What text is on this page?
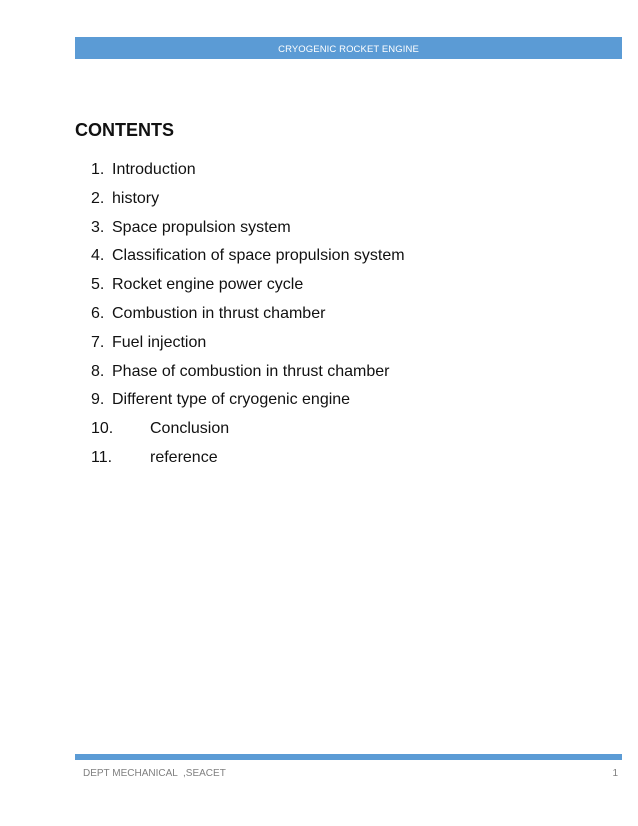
CRYOGENIC ROCKET ENGINE
CONTENTS
1. Introduction
2. history
3. Space propulsion system
4. Classification of space propulsion system
5. Rocket engine power cycle
6. Combustion in thrust chamber
7. Fuel injection
8. Phase of combustion in thrust chamber
9. Different type of cryogenic engine
10.	Conclusion
11.	reference
DEPT MECHANICAL  ,SEACET	1
